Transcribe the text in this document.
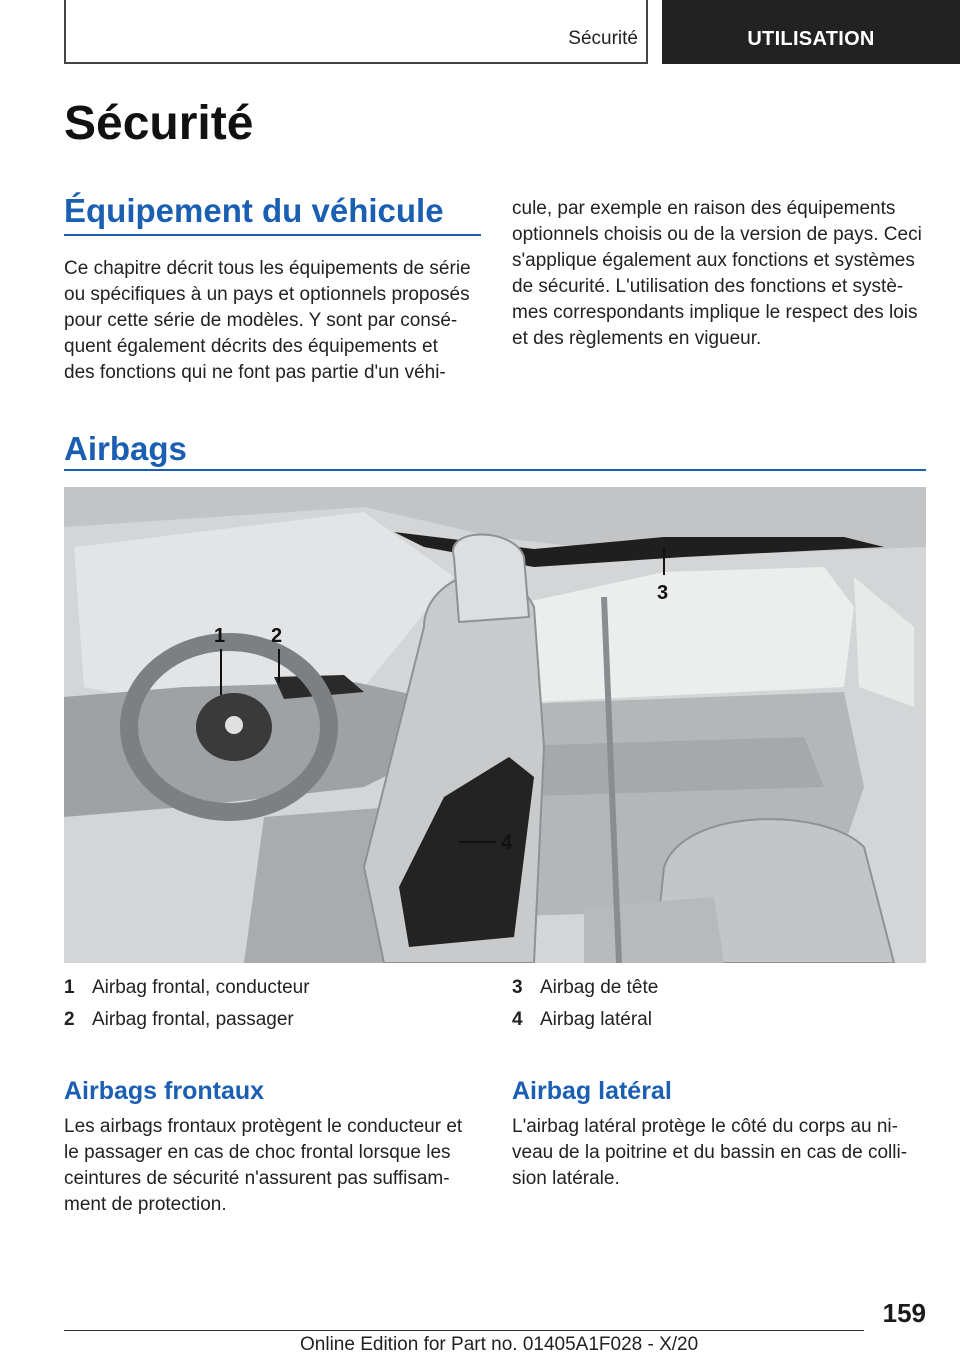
Sécurité	UTILISATION
Sécurité
Équipement du véhicule

Ce chapitre décrit tous les équipements de série
ou spécifiques à un pays et optionnels proposés
pour cette série de modèles. Y sont par consé‐
quent également décrits des équipements et
des fonctions qui ne font pas partie d'un véhi‐

cule, par exemple en raison des équipements
optionnels choisis ou de la version de pays. Ceci
s'applique également aux fonctions et systèmes
de sécurité. L'utilisation des fonctions et systè‐
mes correspondants implique le respect des lois
et des règlements en vigueur.

Airbags
1 2
3
4
1 Airbag frontal, conducteur
2 Airbag frontal, passager
3 Airbag de tête
4 Airbag latéral
Airbags frontaux

Les airbags frontaux protègent le conducteur et
le passager en cas de choc frontal lorsque les
ceintures de sécurité n'assurent pas suffisam‐
ment de protection.

Airbag latéral

L'airbag latéral protège le côté du corps au ni‐
veau de la poitrine et du bassin en cas de colli‐
sion latérale.

159
Online Edition for Part no. 01405A1F028 - X/20
